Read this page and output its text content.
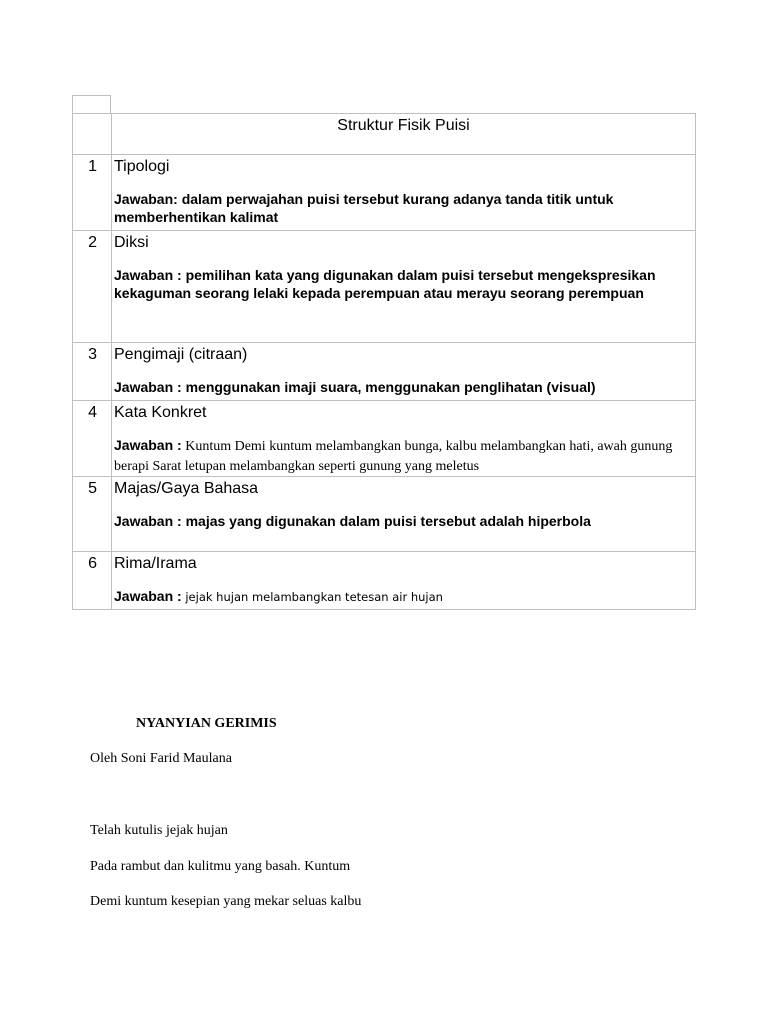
	Struktur Fisik Puisi
1	Tipologi

Jawaban: dalam perwajahan puisi tersebut kurang adanya tanda titik untuk memberhentikan kalimat

2	Diksi

Jawaban : pemilihan kata yang digunakan dalam puisi tersebut mengekspresikan kekaguman seorang lelaki kepada perempuan atau merayu seorang perempuan

3	Pengimaji (citraan)

Jawaban : menggunakan imaji suara, menggunakan penglihatan (visual)

4	Kata Konkret

Jawaban : Kuntum Demi kuntum melambangkan bunga, kalbu melambangkan hati, awah gunung berapi Sarat letupan melambangkan seperti gunung yang meletus

5	Majas/Gaya Bahasa

Jawaban : majas yang digunakan dalam puisi tersebut adalah hiperbola

6	Rima/Irama

Jawaban : jejak hujan melambangkan tetesan air hujan

NYANYIAN GERIMIS

Oleh Soni Farid Maulana

Telah kutulis jejak hujan

Pada rambut dan kulitmu yang basah. Kuntum

Demi kuntum kesepian yang mekar seluas kalbu
